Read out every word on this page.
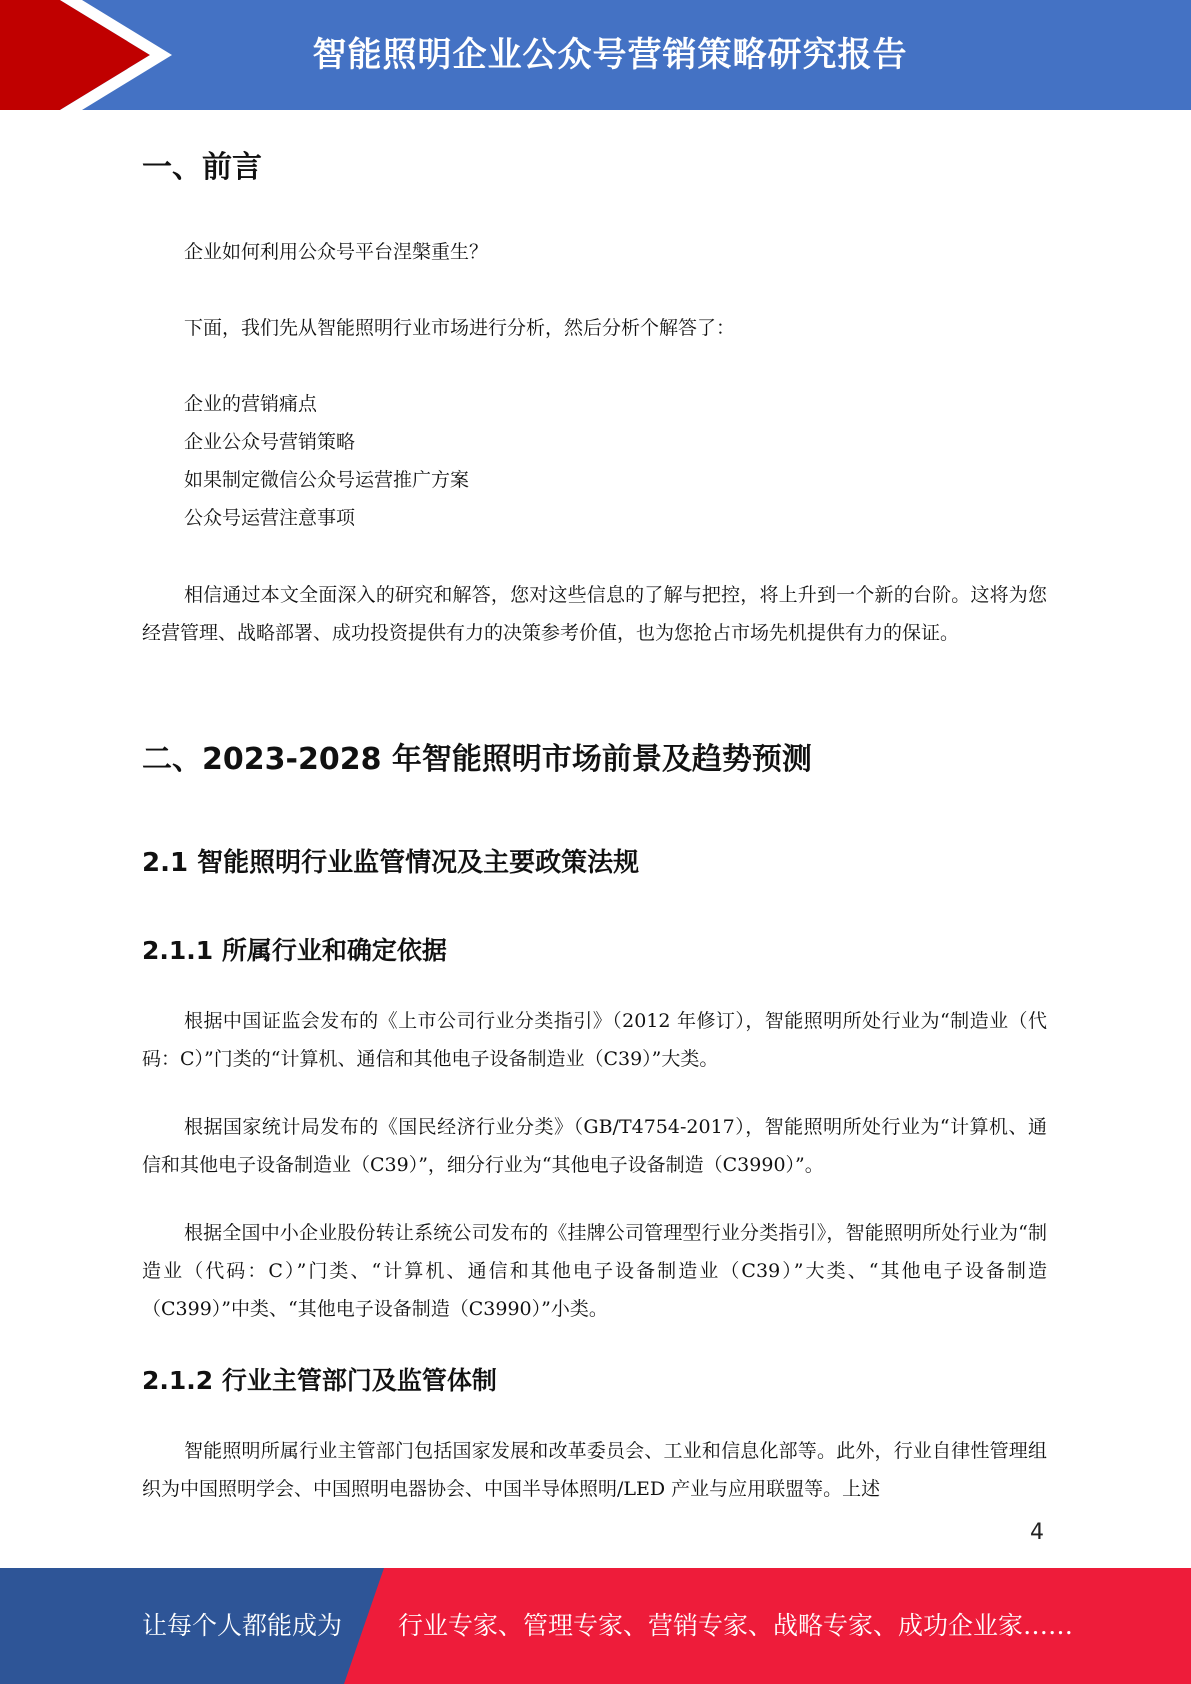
智能照明企业公众号营销策略研究报告
一、前言

企业如何利用公众号平台涅槃重生？

下面，我们先从智能照明行业市场进行分析，然后分析个解答了：

企业的营销痛点

企业公众号营销策略

如果制定微信公众号运营推广方案

公众号运营注意事项

相信通过本文全面深入的研究和解答，您对这些信息的了解与把控，将上升到一个新的台阶。这将为您经营管理、战略部署、成功投资提供有力的决策参考价值，也为您抢占市场先机提供有力的保证。

二、2023-2028 年智能照明市场前景及趋势预测
2.1 智能照明行业监管情况及主要政策法规
2.1.1 所属行业和确定依据

根据中国证监会发布的《上市公司行业分类指引》（2012 年修订），智能照明所处行业为“制造业（代码：C）”门类的“计算机、通信和其他电子设备制造业（C39）”大类。

根据国家统计局发布的《国民经济行业分类》（GB/T4754-2017），智能照明所处行业为“计算机、通信和其他电子设备制造业（C39）”，细分行业为“其他电子设备制造（C3990）”。

根据全国中小企业股份转让系统公司发布的《挂牌公司管理型行业分类指引》，智能照明所处行业为“制造业（代码：C）”门类、“计算机、通信和其他电子设备制造业（C39）”大类、“其他电子设备制造（C399）”中类、“其他电子设备制造（C3990）”小类。

2.1.2 行业主管部门及监管体制

智能照明所属行业主管部门包括国家发展和改革委员会、工业和信息化部等。此外，行业自律性管理组织为中国照明学会、中国照明电器协会、中国半导体照明/LED 产业与应用联盟等。上述

4
让每个人都能成为 行业专家、管理专家、营销专家、战略专家、成功企业家……
